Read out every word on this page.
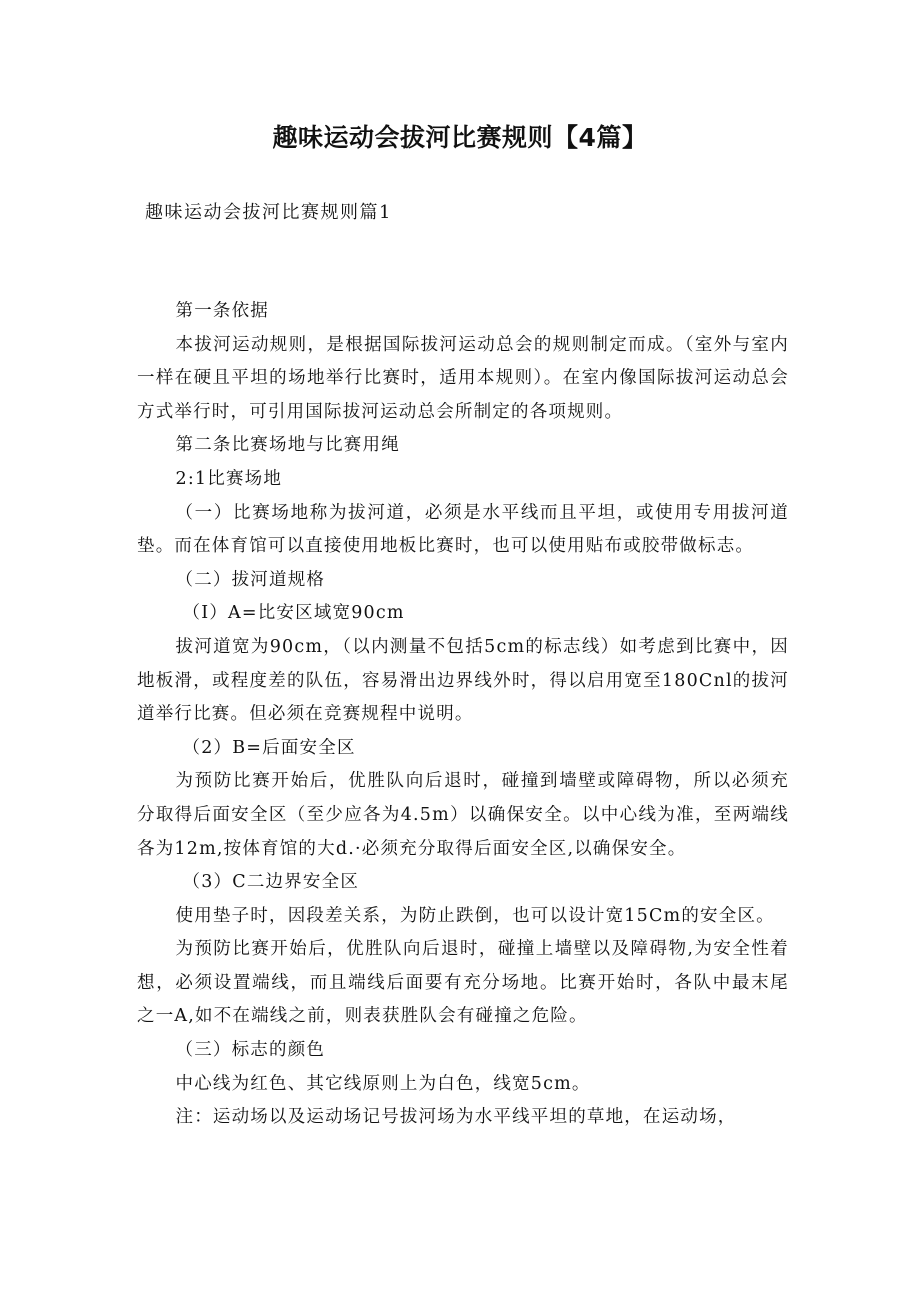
趣味运动会拔河比赛规则【4篇】
趣味运动会拔河比赛规则篇1

第一条依据

本拔河运动规则，是根据国际拔河运动总会的规则制定而成。（室外与室内一样在硬且平坦的场地举行比赛时，适用本规则）。在室内像国际拔河运动总会方式举行时，可引用国际拔河运动总会所制定的各项规则。

第二条比赛场地与比赛用绳

2:1比赛场地

（一）比赛场地称为拔河道，必须是水平线而且平坦，或使用专用拔河道垫。而在体育馆可以直接使用地板比赛时，也可以使用贴布或胶带做标志。

（二）拔河道规格

（I）A=比安区域宽90cm

拔河道宽为90cm，（以内测量不包括5cm的标志线）如考虑到比赛中，因地板滑，或程度差的队伍，容易滑出边界线外时，得以启用宽至180Cnl的拔河道举行比赛。但必须在竞赛规程中说明。

（2）B=后面安全区

为预防比赛开始后，优胜队向后退时，碰撞到墙壁或障碍物，所以必须充分取得后面安全区（至少应各为4.5m）以确保安全。以中心线为准，至两端线各为12m,按体育馆的大d.·必须充分取得后面安全区,以确保安全。

（3）C二边界安全区

使用垫子时，因段差关系，为防止跌倒，也可以设计宽15Cm的安全区。

为预防比赛开始后，优胜队向后退时，碰撞上墙壁以及障碍物,为安全性着想，必须设置端线，而且端线后面要有充分场地。比赛开始时，各队中最末尾之一A,如不在端线之前，则表获胜队会有碰撞之危险。

（三）标志的颜色

中心线为红色、其它线原则上为白色，线宽5cm。

注：运动场以及运动场记号拔河场为水平线平坦的草地，在运动场，
